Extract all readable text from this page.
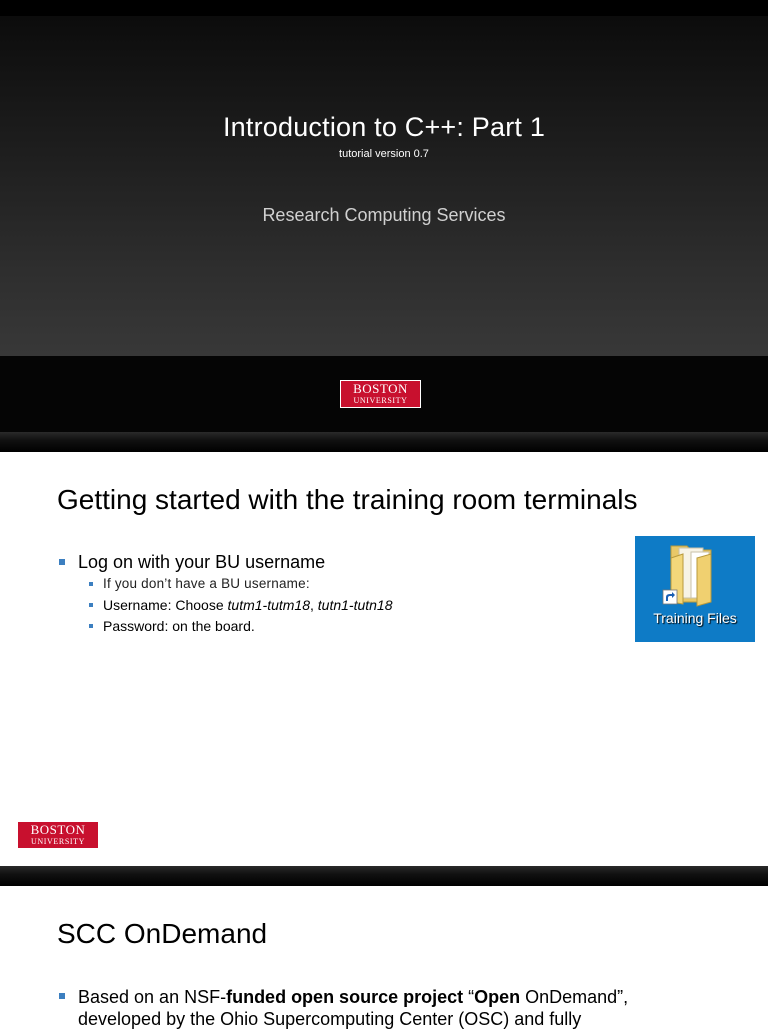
Introduction to C++: Part 1
tutorial version 0.7
Research Computing Services
BOSTON
UNIVERSITY
Getting started with the training room terminals
Log on with your BU username
If you don’t have a BU username:
Username: Choose tutm1-tutm18, tutn1-tutn18
Password: on the board.	Training Files
BOSTON
UNIVERSITY
SCC OnDemand
Based on an NSF-funded open source project “Open OnDemand”,
developed by the Ohio Supercomputing Center (OSC) and fully
